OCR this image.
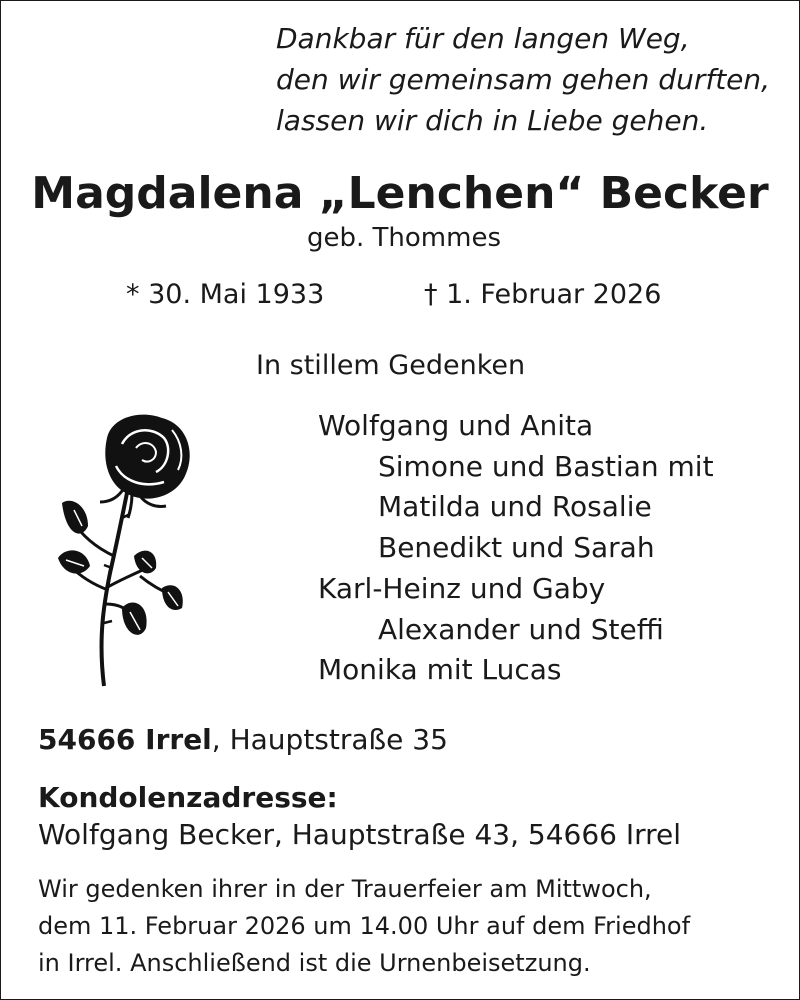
Dankbar für den langen Weg,
den wir gemeinsam gehen durften,
lassen wir dich in Liebe gehen.
Magdalena „Lenchen“ Becker
geb. Thommes
* 30. Mai 1933	† 1. Februar 2026
In stillem Gedenken
Wolfgang und Anita
Simone und Bastian mit
Matilda und Rosalie
Benedikt und Sarah
Karl-Heinz und Gaby
Alexander und Steffi
Monika mit Lucas
54666 Irrel, Hauptstraße 35
Kondolenzadresse:
Wolfgang Becker, Hauptstraße 43, 54666 Irrel
Wir gedenken ihrer in der Trauerfeier am Mittwoch,
dem 11. Februar 2026 um 14.00 Uhr auf dem Friedhof
in Irrel. Anschließend ist die Urnenbeisetzung.
